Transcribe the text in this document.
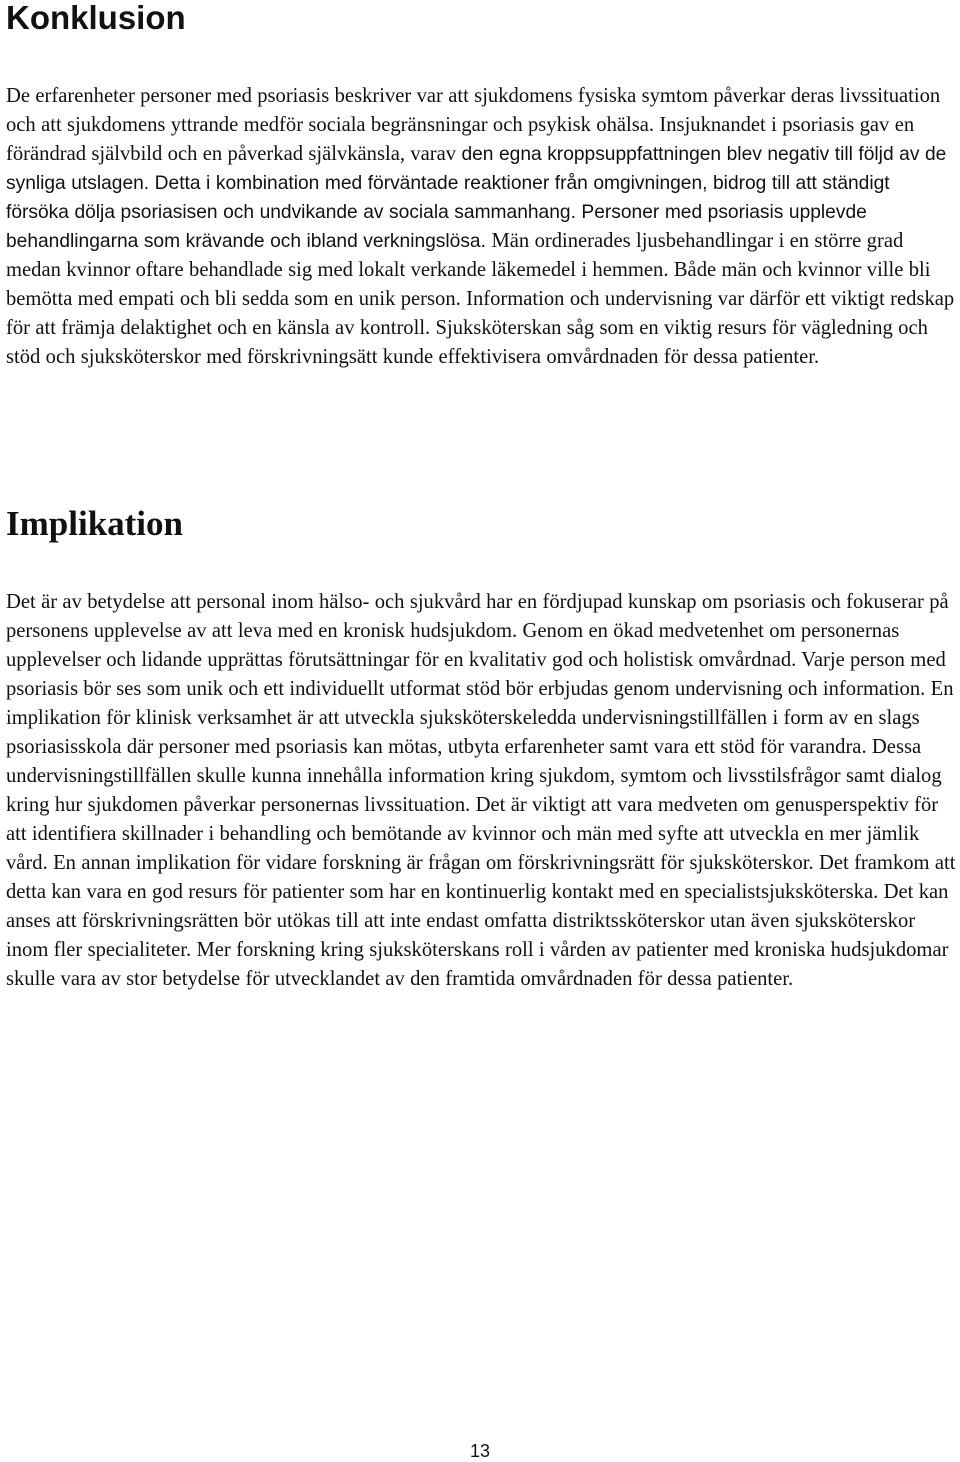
Konklusion

De erfarenheter personer med psoriasis beskriver var att sjukdomens fysiska symtom påverkar deras livssituation och att sjukdomens yttrande medför sociala begränsningar och psykisk ohälsa. Insjuknandet i psoriasis gav en förändrad självbild och en påverkad självkänsla, varav den egna kroppsuppfattningen blev negativ till följd av de synliga utslagen. Detta i kombination med förväntade reaktioner från omgivningen, bidrog till att ständigt försöka dölja psoriasisen och undvikande av sociala sammanhang. Personer med psoriasis upplevde behandlingarna som krävande och ibland verkningslösa. Män ordinerades ljusbehandlingar i en större grad medan kvinnor oftare behandlade sig med lokalt verkande läkemedel i hemmen. Både män och kvinnor ville bli bemötta med empati och bli sedda som en unik person. Information och undervisning var därför ett viktigt redskap för att främja delaktighet och en känsla av kontroll. Sjuksköterskan såg som en viktig resurs för vägledning och stöd och sjuksköterskor med förskrivningsätt kunde effektivisera omvårdnaden för dessa patienter.

Implikation

Det är av betydelse att personal inom hälso- och sjukvård har en fördjupad kunskap om psoriasis och fokuserar på personens upplevelse av att leva med en kronisk hudsjukdom. Genom en ökad medvetenhet om personernas upplevelser och lidande upprättas förutsättningar för en kvalitativ god och holistisk omvårdnad. Varje person med psoriasis bör ses som unik och ett individuellt utformat stöd bör erbjudas genom undervisning och information. En implikation för klinisk verksamhet är att utveckla sjuksköterskeledda undervisningstillfällen i form av en slags psoriasisskola där personer med psoriasis kan mötas, utbyta erfarenheter samt vara ett stöd för varandra. Dessa undervisningstillfällen skulle kunna innehålla information kring sjukdom, symtom och livsstilsfrågor samt dialog kring hur sjukdomen påverkar personernas livssituation. Det är viktigt att vara medveten om genusperspektiv för att identifiera skillnader i behandling och bemötande av kvinnor och män med syfte att utveckla en mer jämlik vård. En annan implikation för vidare forskning är frågan om förskrivningsrätt för sjuksköterskor. Det framkom att detta kan vara en god resurs för patienter som har en kontinuerlig kontakt med en specialistsjuksköterska. Det kan anses att förskrivningsrätten bör utökas till att inte endast omfatta distriktssköterskor utan även sjuksköterskor inom fler specialiteter. Mer forskning kring sjuksköterskans roll i vården av patienter med kroniska hudsjukdomar skulle vara av stor betydelse för utvecklandet av den framtida omvårdnaden för dessa patienter.

13
